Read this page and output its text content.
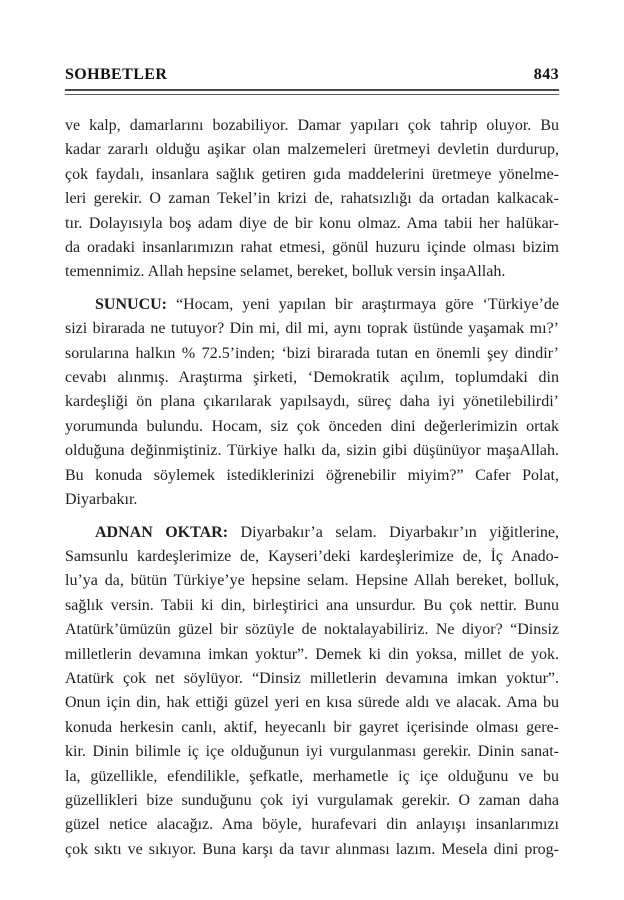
SOHBETLER	843
ve kalp, damarlarını bozabiliyor. Damar yapıları çok tahrip oluyor. Bu
kadar zararlı olduğu aşikar olan malzemeleri üretmeyi devletin durdurup,
çok faydalı, insanlara sağlık getiren gıda maddelerini üretmeye yönelme-
leri gerekir. O zaman Tekel’in krizi de, rahatsızlığı da ortadan kalkacak-
tır. Dolayısıyla boş adam diye de bir konu olmaz. Ama tabii her halükar-
da oradaki insanlarımızın rahat etmesi, gönül huzuru içinde olması bizim
temennimiz. Allah hepsine selamet, bereket, bolluk versin inşaAllah.
SUNUCU: “Hocam, yeni yapılan bir araştırmaya göre ‘Türkiye’de
sizi birarada ne tutuyor? Din mi, dil mi, aynı toprak üstünde yaşamak mı?’
sorularına halkın % 72.5’inden; ‘bizi birarada tutan en önemli şey dindir’
cevabı alınmış. Araştırma şirketi, ‘Demokratik açılım, toplumdaki din
kardeşliği ön plana çıkarılarak yapılsaydı, süreç daha iyi yönetilebilirdi’
yorumunda bulundu. Hocam, siz çok önceden dini değerlerimizin ortak
olduğuna değinmiştiniz. Türkiye halkı da, sizin gibi düşünüyor maşaAllah.
Bu konuda söylemek istediklerinizi öğrenebilir miyim?” Cafer Polat,
Diyarbakır.
ADNAN OKTAR: Diyarbakır’a selam. Diyarbakır’ın yiğitlerine,
Samsunlu kardeşlerimize de, Kayseri’deki kardeşlerimize de, İç Anado-
lu’ya da, bütün Türkiye’ye hepsine selam. Hepsine Allah bereket, bolluk,
sağlık versin. Tabii ki din, birleştirici ana unsurdur. Bu çok nettir. Bunu
Atatürk’ümüzün güzel bir sözüyle de noktalayabiliriz. Ne diyor? “Dinsiz
milletlerin devamına imkan yoktur”. Demek ki din yoksa, millet de yok.
Atatürk çok net söylüyor. “Dinsiz milletlerin devamına imkan yoktur”.
Onun için din, hak ettiği güzel yeri en kısa sürede aldı ve alacak. Ama bu
konuda herkesin canlı, aktif, heyecanlı bir gayret içerisinde olması gere-
kir. Dinin bilimle iç içe olduğunun iyi vurgulanması gerekir. Dinin sanat-
la, güzellikle, efendilikle, şefkatle, merhametle iç içe olduğunu ve bu
güzellikleri bize sunduğunu çok iyi vurgulamak gerekir. O zaman daha
güzel netice alacağız. Ama böyle, hurafevari din anlayışı insanlarımızı
çok sıktı ve sıkıyor. Buna karşı da tavır alınması lazım. Mesela dini prog-
